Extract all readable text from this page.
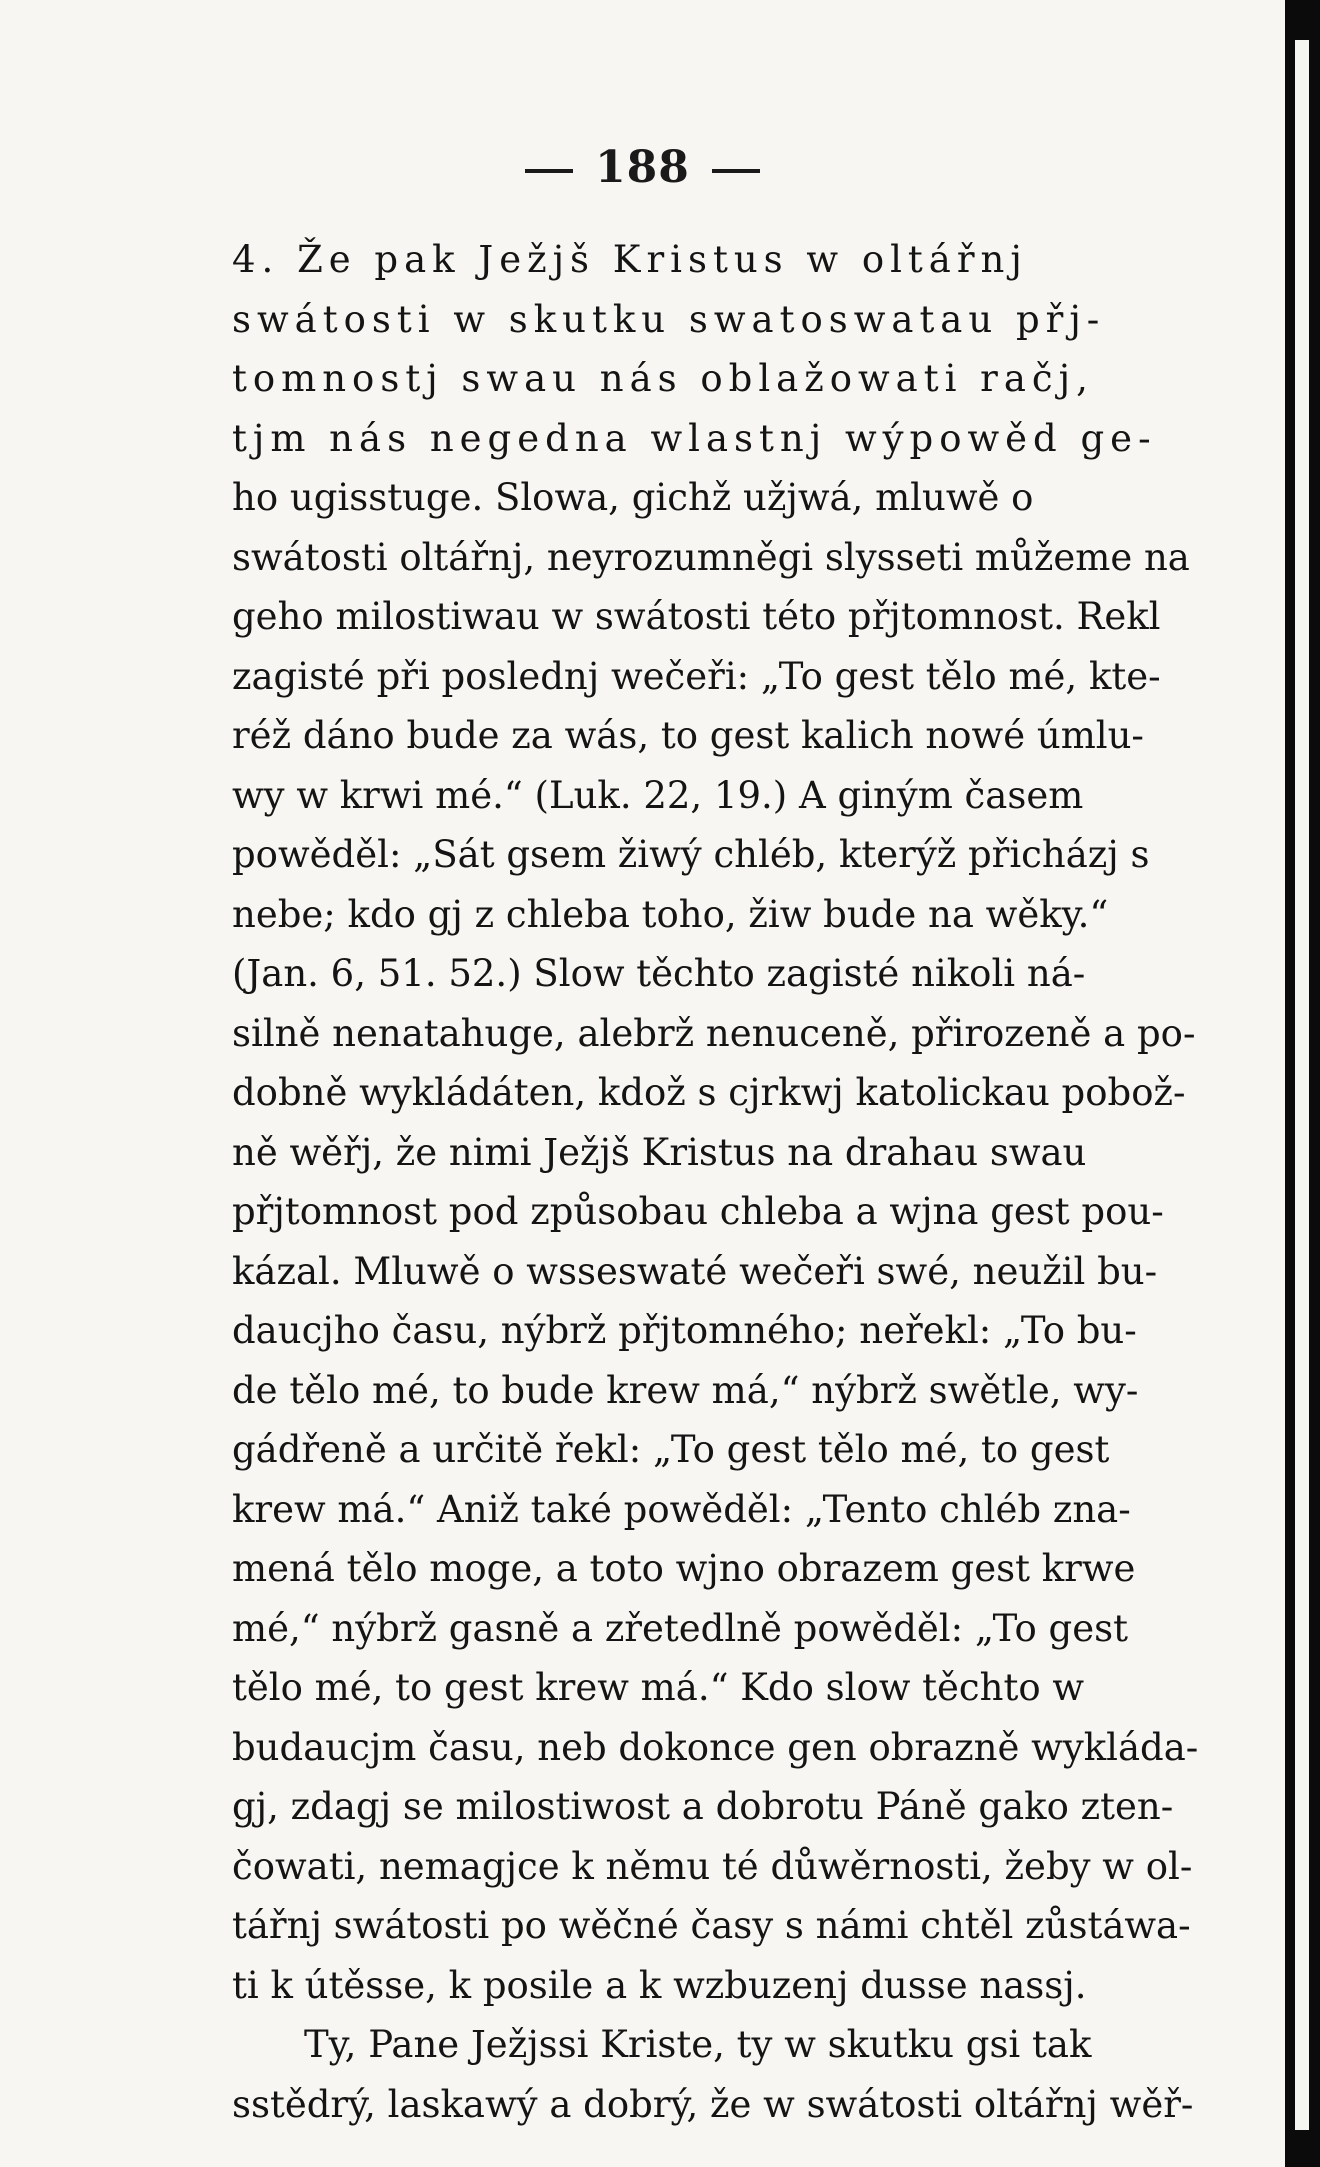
188
4. Že pak Ježjš Kristus w oltářnj
swátosti w skutku swatoswatau přj-
tomnostj swau nás oblažowati račj,
tjm nás negedna wlastnj wýpowěd ge-
ho ugisstuge. Slowa, gichž užjwá, mluwě o
swátosti oltářnj, neyrozumněgi slysseti můžeme na
geho milostiwau w swátosti této přjtomnost. Rekl
zagisté při poslednj wečeři: „To gest tělo mé, kte-
réž dáno bude za wás, to gest kalich nowé úmlu-
wy w krwi mé.“ (Luk. 22, 19.) A giným časem
powěděl: „Sát gsem žiwý chléb, kterýž přicházj s
nebe; kdo gj z chleba toho, žiw bude na wěky.“
(Jan. 6, 51. 52.) Slow těchto zagisté nikoli ná-
silně nenatahuge, alebrž nenuceně, přirozeně a po-
dobně wykládáten, kdož s cjrkwj katolickau pobož-
ně wěřj, že nimi Ježjš Kristus na drahau swau
přjtomnost pod způsobau chleba a wjna gest pou-
kázal. Mluwě o wsseswaté wečeři swé, neužil bu-
daucjho času, nýbrž přjtomného; neřekl: „To bu-
de tělo mé, to bude krew má,“ nýbrž swětle, wy-
gádřeně a určitě řekl: „To gest tělo mé, to gest
krew má.“ Aniž také powěděl: „Tento chléb zna-
mená tělo moge, a toto wjno obrazem gest krwe
mé,“ nýbrž gasně a zřetedlně powěděl: „To gest
tělo mé, to gest krew má.“ Kdo slow těchto w
budaucjm času, neb dokonce gen obrazně wykláda-
gj, zdagj se milostiwost a dobrotu Páně gako zten-
čowati, nemagjce k němu té důwěrnosti, žeby w ol-
tářnj swátosti po wěčné časy s námi chtěl zůstáwa-
ti k útěsse, k posile a k wzbuzenj dusse nassj.
Ty, Pane Ježjssi Kriste, ty w skutku gsi tak
sstědrý, laskawý a dobrý, že w swátosti oltářnj wěř-
